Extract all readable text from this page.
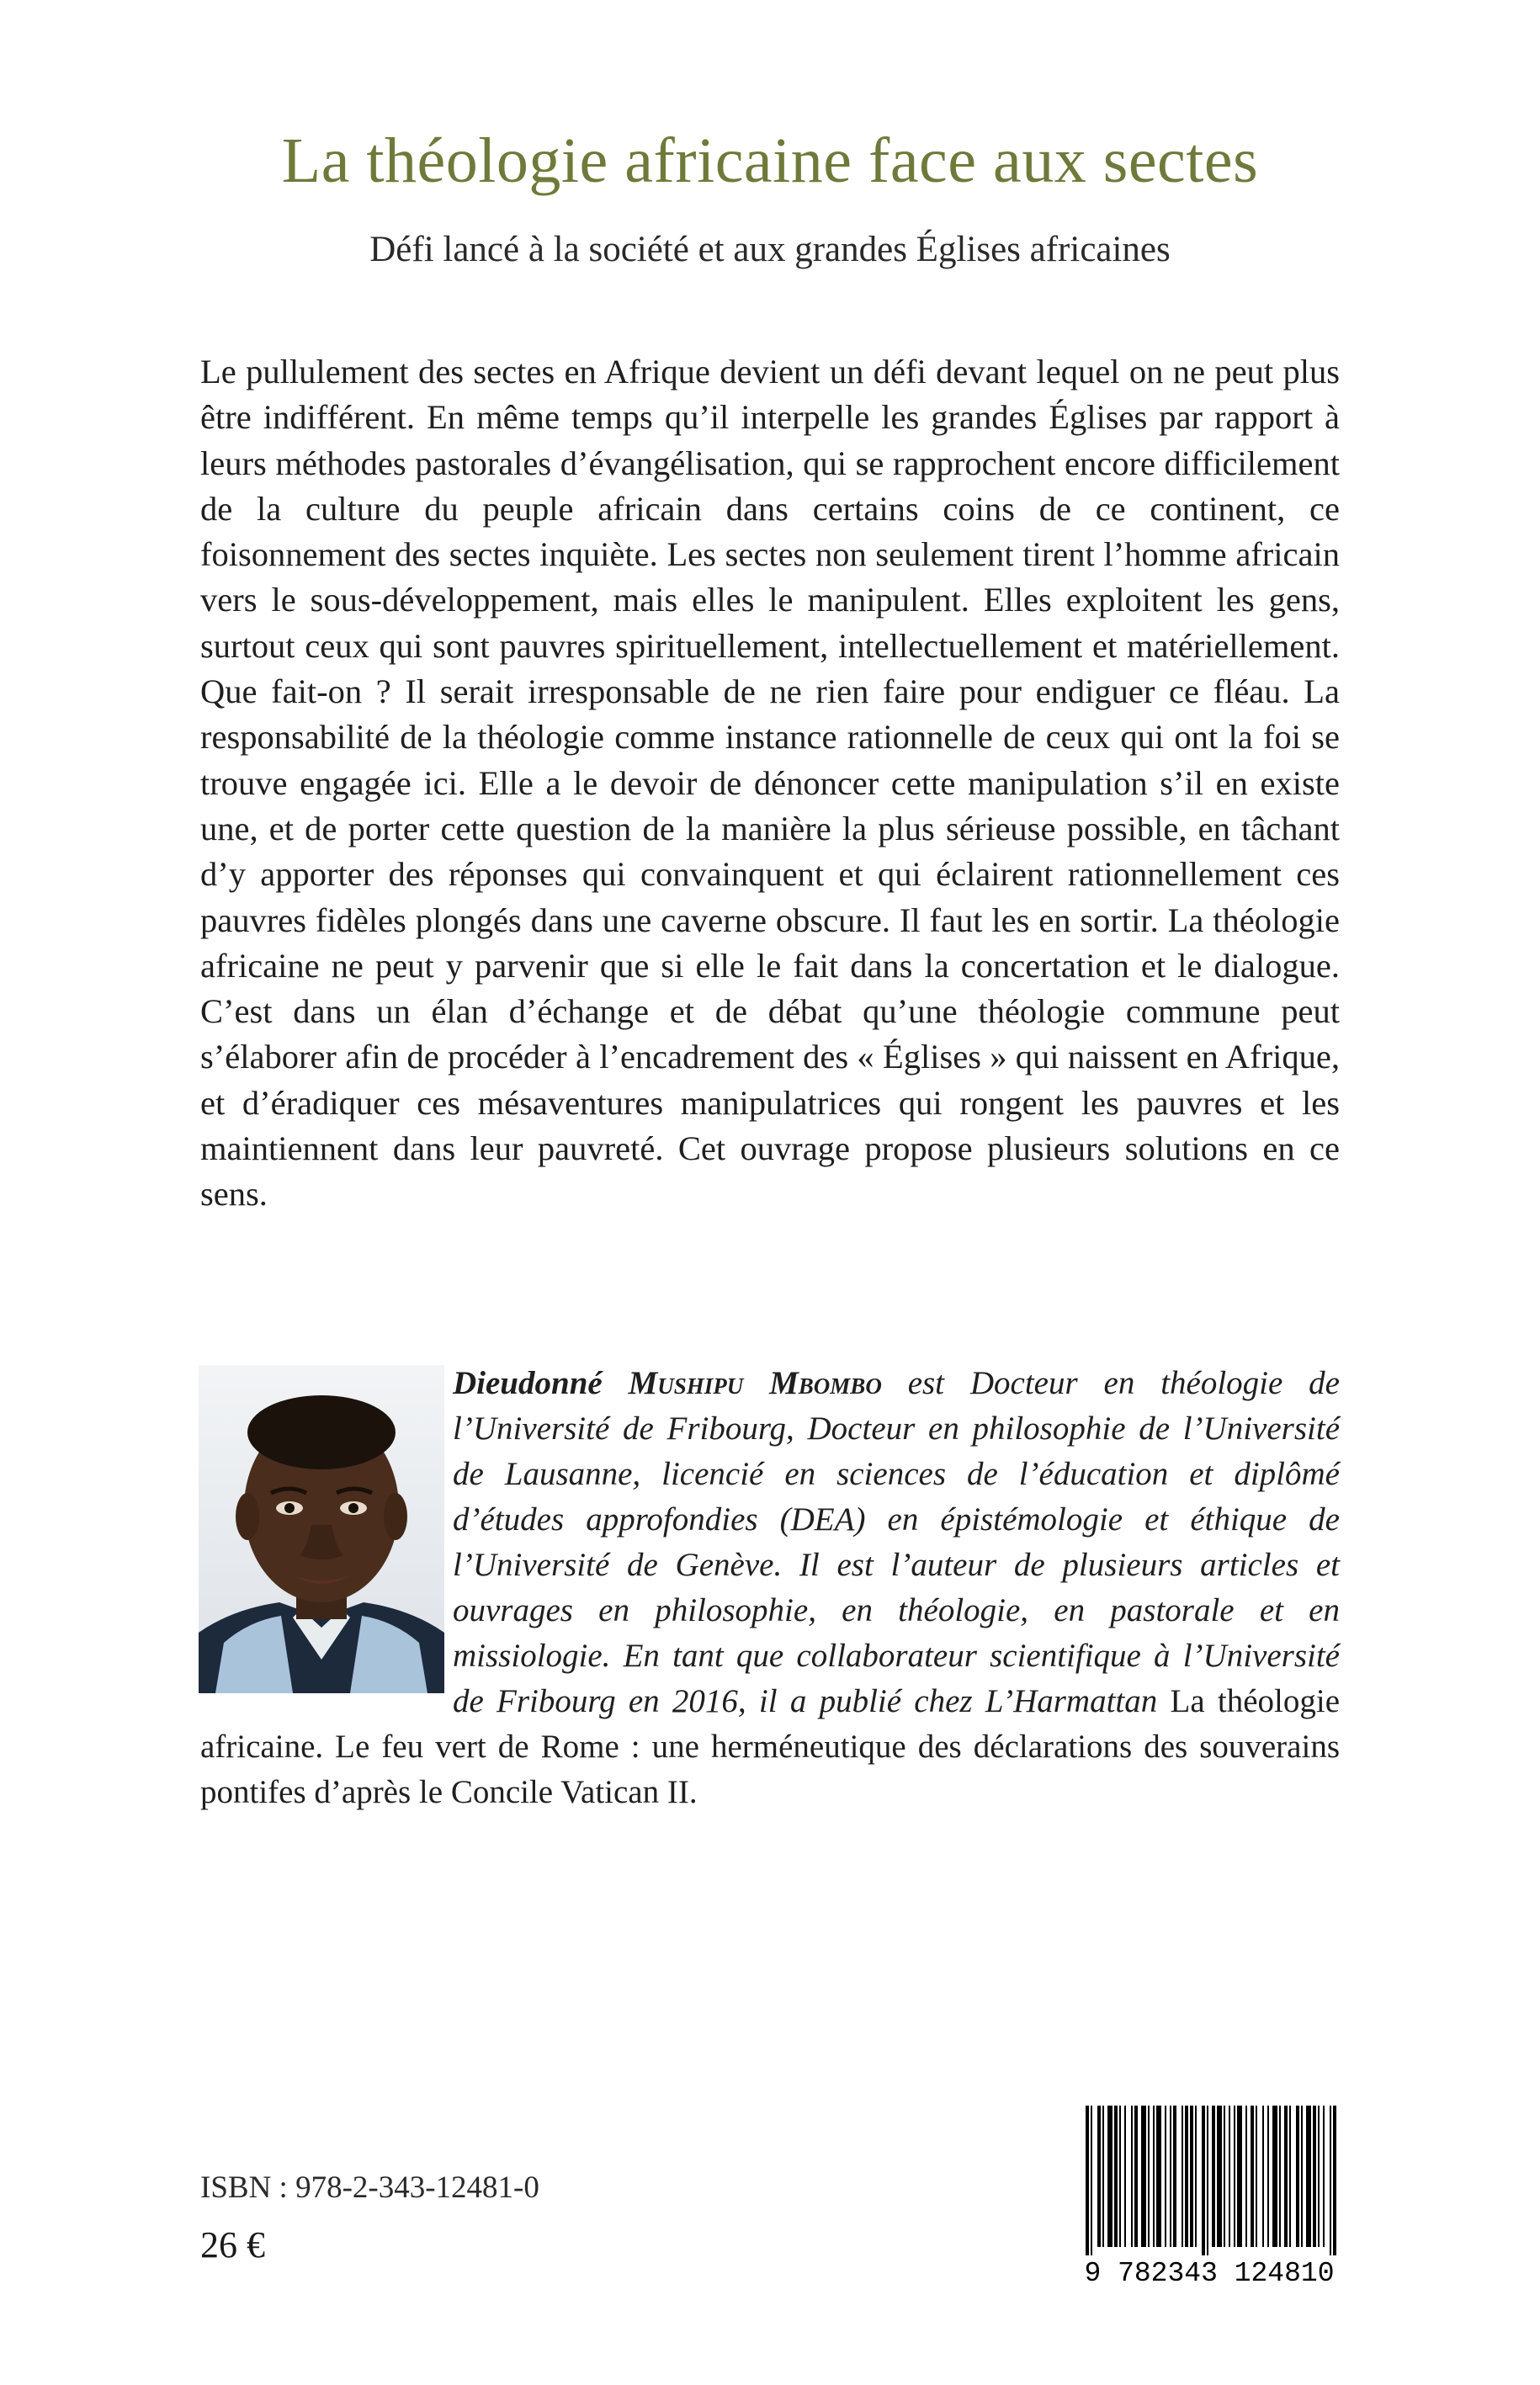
La théologie africaine face aux sectes

Défi lancé à la société et aux grandes Églises africaines

Le pullulement des sectes en Afrique devient un défi devant lequel on ne peut plus être indifférent. En même temps qu’il interpelle les grandes Églises par rapport à leurs méthodes pastorales d’évangélisation, qui se rapprochent encore difficilement de la culture du peuple africain dans certains coins de ce continent, ce foisonnement des sectes inquiète. Les sectes non seulement tirent l’homme africain vers le sous-développement, mais elles le manipulent. Elles exploitent les gens, surtout ceux qui sont pauvres spirituellement, intellectuellement et matériellement. Que fait-on ? Il serait irresponsable de ne rien faire pour endiguer ce fléau. La responsabilité de la théologie comme instance rationnelle de ceux qui ont la foi se trouve engagée ici. Elle a le devoir de dénoncer cette manipulation s’il en existe une, et de porter cette question de la manière la plus sérieuse possible, en tâchant d’y apporter des réponses qui convainquent et qui éclairent rationnellement ces pauvres fidèles plongés dans une caverne obscure. Il faut les en sortir. La théologie africaine ne peut y parvenir que si elle le fait dans la concertation et le dialogue. C’est dans un élan d’échange et de débat qu’une théologie commune peut s’élaborer afin de procéder à l’encadrement des « Églises » qui naissent en Afrique, et d’éradiquer ces mésaventures manipulatrices qui rongent les pauvres et les maintiennent dans leur pauvreté. Cet ouvrage propose plusieurs solutions en ce sens.

Dieudonné Mushipu Mbombo est Docteur en théologie de l’Université de Fribourg, Docteur en philosophie de l’Université de Lausanne, licencié en sciences de l’éducation et diplômé d’études approfondies (DEA) en épistémologie et éthique de l’Université de Genève. Il est l’auteur de plusieurs articles et ouvrages en philosophie, en théologie, en pastorale et en missiologie. En tant que collaborateur scientifique à l’Université de Fribourg en 2016, il a publié chez L’Harmattan La théologie africaine. Le feu vert de Rome : une herméneutique des déclarations des souverains pontifes d’après le Concile Vatican II.

ISBN : 978-2-343-12481-0
26 €
9 782343 124810
